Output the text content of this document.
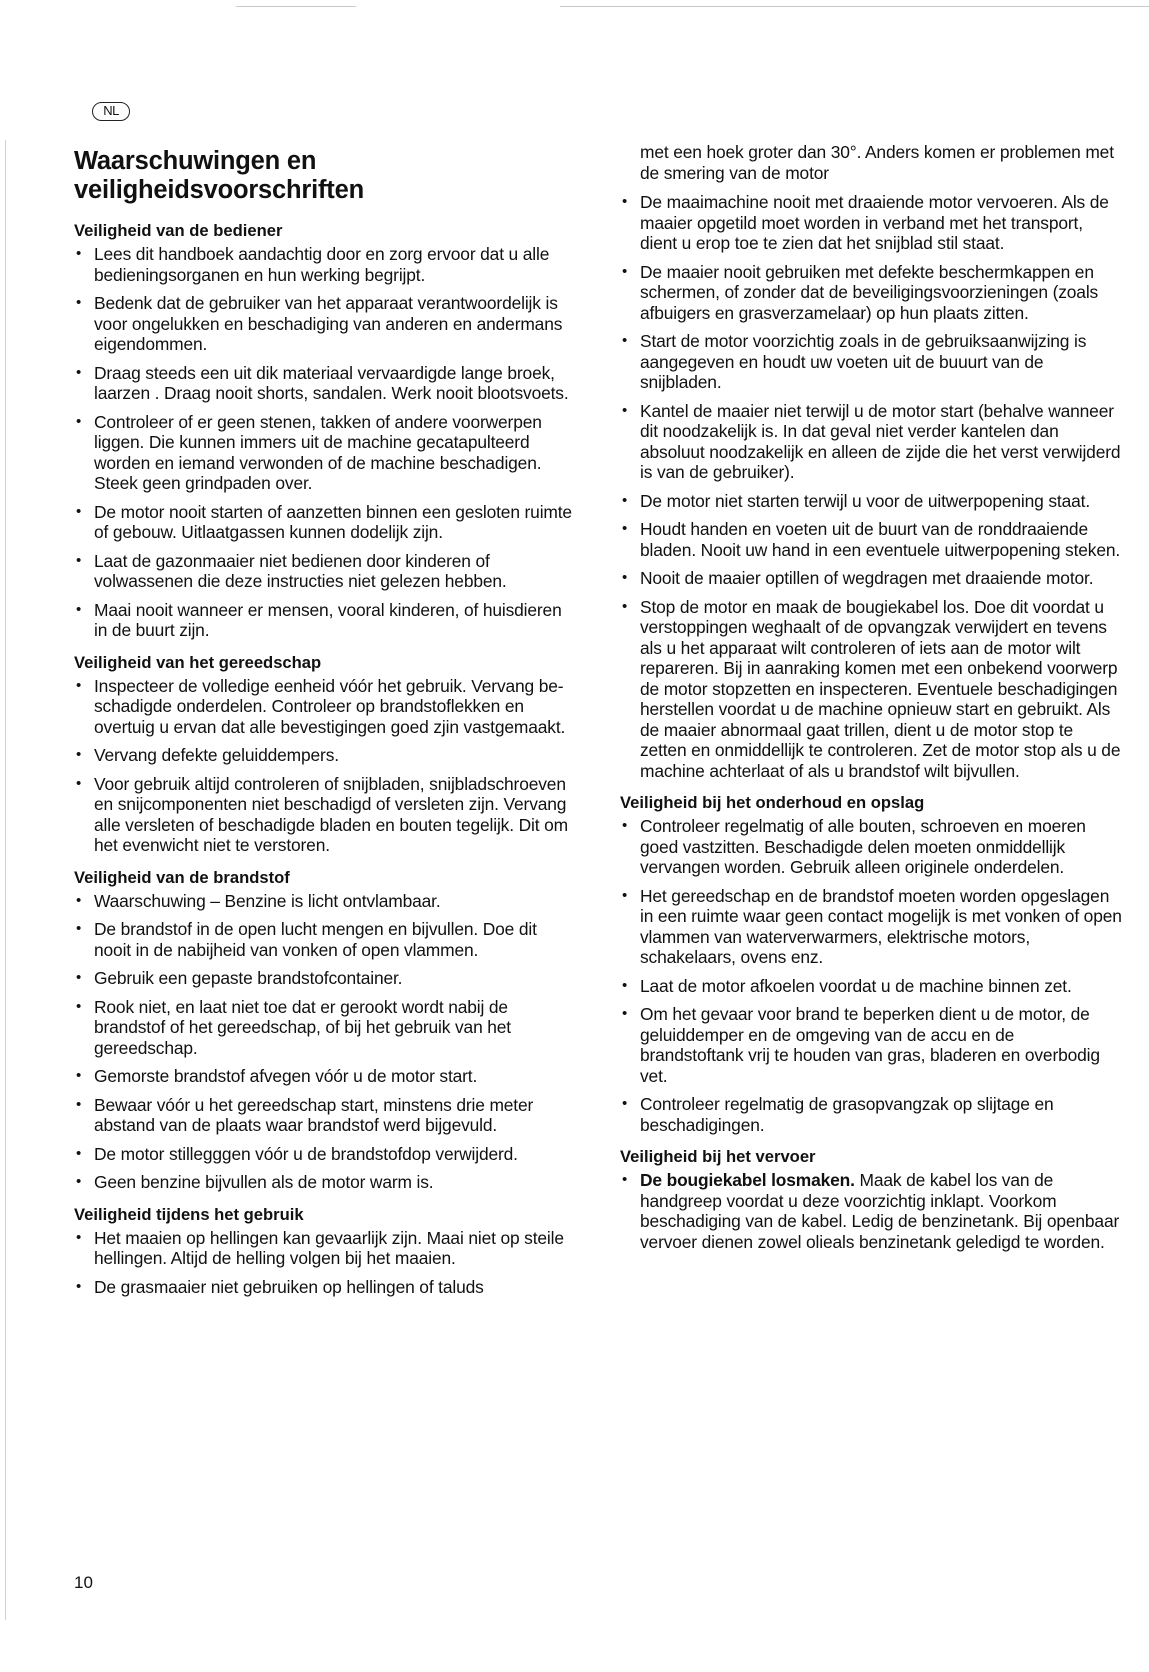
NL
Waarschuwingen en veiligheidsvoorschriften
Veiligheid van de bediener
• Lees dit handboek aandachtig door en zorg ervoor dat u alle bedieningsorganen en hun werking begrijpt.
• Bedenk dat de gebruiker van het apparaat verantwoordelijk is voor ongelukken en beschadiging van anderen en andermans eigendommen.
• Draag steeds een uit dik materiaal vervaardigde lange broek, laarzen . Draag nooit shorts, sandalen. Werk nooit blootsvoets.
• Controleer of er geen stenen, takken of andere voorwerpen liggen. Die kunnen immers uit de machine gecatapulteerd worden en iemand verwonden of de machine beschadigen. Steek geen grindpaden over.
• De motor nooit starten of aanzetten binnen een gesloten ruimte of gebouw. Uitlaatgassen kunnen dodelijk zijn.
• Laat de gazonmaaier niet bedienen door kinderen of volwassenen die deze instructies niet gelezen hebben.
• Maai nooit wanneer er mensen, vooral kinderen, of huisdieren in de buurt zijn.
Veiligheid van het gereedschap
• Inspecteer de volledige eenheid vóór het gebruik. Vervang be-schadigde onderdelen. Controleer op brandstoflekken en overtuig u ervan dat alle bevestigingen goed zjin vastgemaakt.
• Vervang defekte geluiddempers.
• Voor gebruik altijd controleren of snijbladen, snijbladschroeven en snijcomponenten niet beschadigd of versleten zijn. Vervang alle versleten of beschadigde bladen en bouten tegelijk. Dit om het evenwicht niet te verstoren.
Veiligheid van de brandstof
• Waarschuwing – Benzine is licht ontvlambaar.
• De brandstof in de open lucht mengen en bijvullen. Doe dit nooit in de nabijheid van vonken of open vlammen.
• Gebruik een gepaste brandstofcontainer.
• Rook niet, en laat niet toe dat er gerookt wordt nabij de brandstof of het gereedschap, of bij het gebruik van het gereedschap.
• Gemorste brandstof afvegen vóór u de motor start.
• Bewaar vóór u het gereedschap start, minstens drie meter abstand van de plaats waar brandstof werd bijgevuld.
• De motor stillegggen vóór u de brandstofdop verwijderd.
• Geen benzine bijvullen als de motor warm is.
Veiligheid tijdens het gebruik
• Het maaien op hellingen kan gevaarlijk zijn. Maai niet op steile hellingen. Altijd de helling volgen bij het maaien.
• De grasmaaier niet gebruiken op hellingen of taluds
met een hoek groter dan 30°. Anders komen er problemen met de smering van de motor
• De maaimachine nooit met draaiende motor vervoeren. Als de maaier opgetild moet worden in verband met het transport, dient u erop toe te zien dat het snijblad stil staat.
• De maaier nooit gebruiken met defekte beschermkappen en schermen, of zonder dat de beveiligingsvoorzieningen (zoals afbuigers en grasverzamelaar) op hun plaats zitten.
• Start de motor voorzichtig zoals in de gebruiksaanwijzing is aangegeven en houdt uw voeten uit de buuurt van de snijbladen.
• Kantel de maaier niet terwijl u de motor start (behalve wanneer dit noodzakelijk is. In dat geval niet verder kantelen dan absoluut noodzakelijk en alleen de zijde die het verst verwijderd is van de gebruiker).
• De motor niet starten terwijl u voor de uitwerpopening staat.
• Houdt handen en voeten uit de buurt van de ronddraaiende bladen. Nooit uw hand in een eventuele uitwerpopening steken.
• Nooit de maaier optillen of wegdragen met draaiende motor.
• Stop de motor en maak de bougiekabel los. Doe dit voordat u verstoppingen weghaalt of de opvangzak verwijdert en tevens als u het apparaat wilt controleren of iets aan de motor wilt repareren. Bij in aanraking komen met een onbekend voorwerp de motor stopzetten en inspecteren. Eventuele beschadigingen herstellen voordat u de machine opnieuw start en gebruikt. Als de maaier abnormaal gaat trillen, dient u de motor stop te zetten en onmiddellijk te controleren. Zet de motor stop als u de machine achterlaat of als u brandstof wilt bijvullen.
Veiligheid bij het onderhoud en opslag
• Controleer regelmatig of alle bouten, schroeven en moeren goed vastzitten. Beschadigde delen moeten onmiddellijk vervangen worden. Gebruik alleen originele onderdelen.
• Het gereedschap en de brandstof moeten worden opgeslagen in een ruimte waar geen contact mogelijk is met vonken of open vlammen van waterverwarmers, elektrische motors, schakelaars, ovens enz.
• Laat de motor afkoelen voordat u de machine binnen zet.
• Om het gevaar voor brand te beperken dient u de motor, de geluiddemper en de omgeving van de accu en de brandstoftank vrij te houden van gras, bladeren en overbodig vet.
• Controleer regelmatig de grasopvangzak op slijtage en beschadigingen.
Veiligheid bij het vervoer
• De bougiekabel losmaken. Maak de kabel los van de handgreep voordat u deze voorzichtig inklapt. Voorkom beschadiging van de kabel. Ledig de benzinetank. Bij openbaar vervoer dienen zowel olieals benzinetank geledigd te worden.
10
